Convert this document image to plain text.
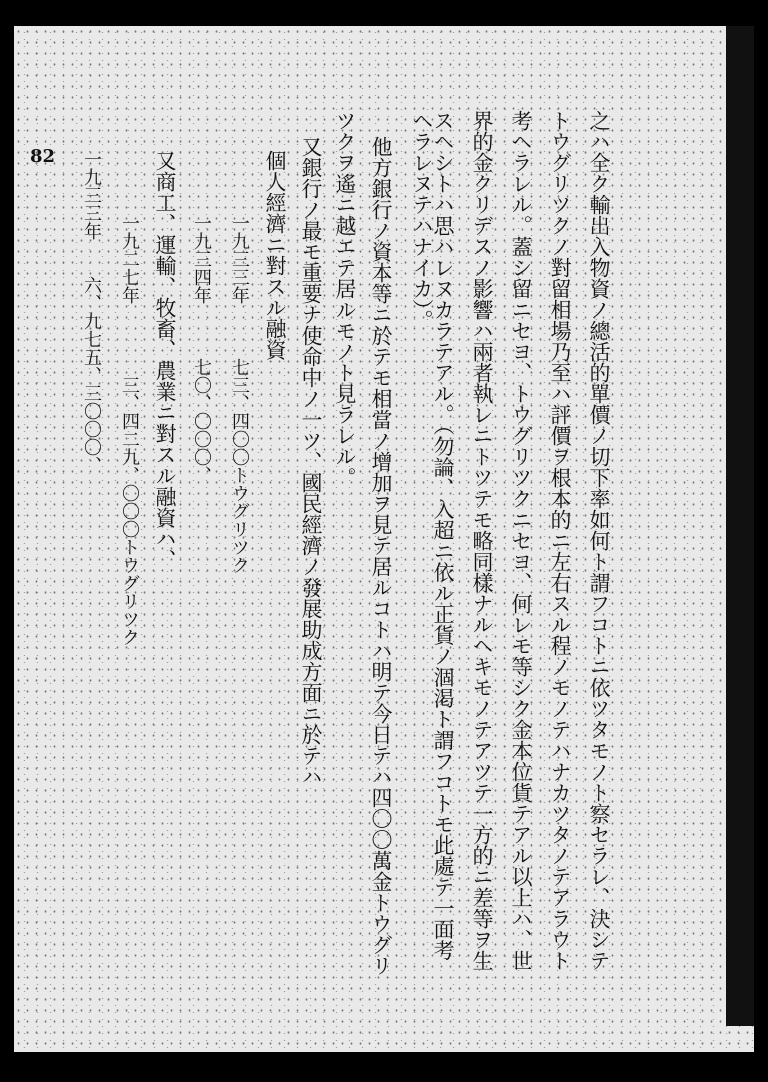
82	之ハ全ク輸出入物資ノ總活的單價ノ切下率如何ト謂フコトニ依ツタモノト察セラレ、決シテ
トウグリツクノ對留相場乃至ハ評價ヲ根本的ニ左右スル程ノモノテハナカツタノテアラウト
考ヘラレル。蓋シ留ニセヨ、トウグリツクニセヨ、何レモ等シク金本位貨テアル以上ハ、世
界的金クリデスノ影響ハ兩者執レニトツテモ略同樣ナルヘキモノテアツテ一方的ニ差等ヲ生
スヘシトハ思ハレヌカラテアル。（勿論、入超ニ依ル正貨ノ涸渇ト謂フコトモ此處テ一面考
ヘラレヌテハナイカ）。
他方銀行ノ資本等ニ於テモ相當ノ增加ヲ見テ居ルコトハ明テ今日テハ四〇〇萬金トウグリ
ツクヲ遙ニ越エテ居ルモノト見ラレル。
又銀行ノ最モ重要ナ使命中ノ一ツ、國民經濟ノ發展助成方面ニ於テハ
個人經濟ニ對スル融資
一九三三年　　　七三、四〇〇トウグリツク
一九三四年　　　七〇、〇〇〇、
又商工、運輸、牧畜、農業ニ對スル融資ハ、
一九二七年　　　　三、四二九、〇〇〇トウグリツク
一九三三年　　六、九七五、三〇〇〇、
